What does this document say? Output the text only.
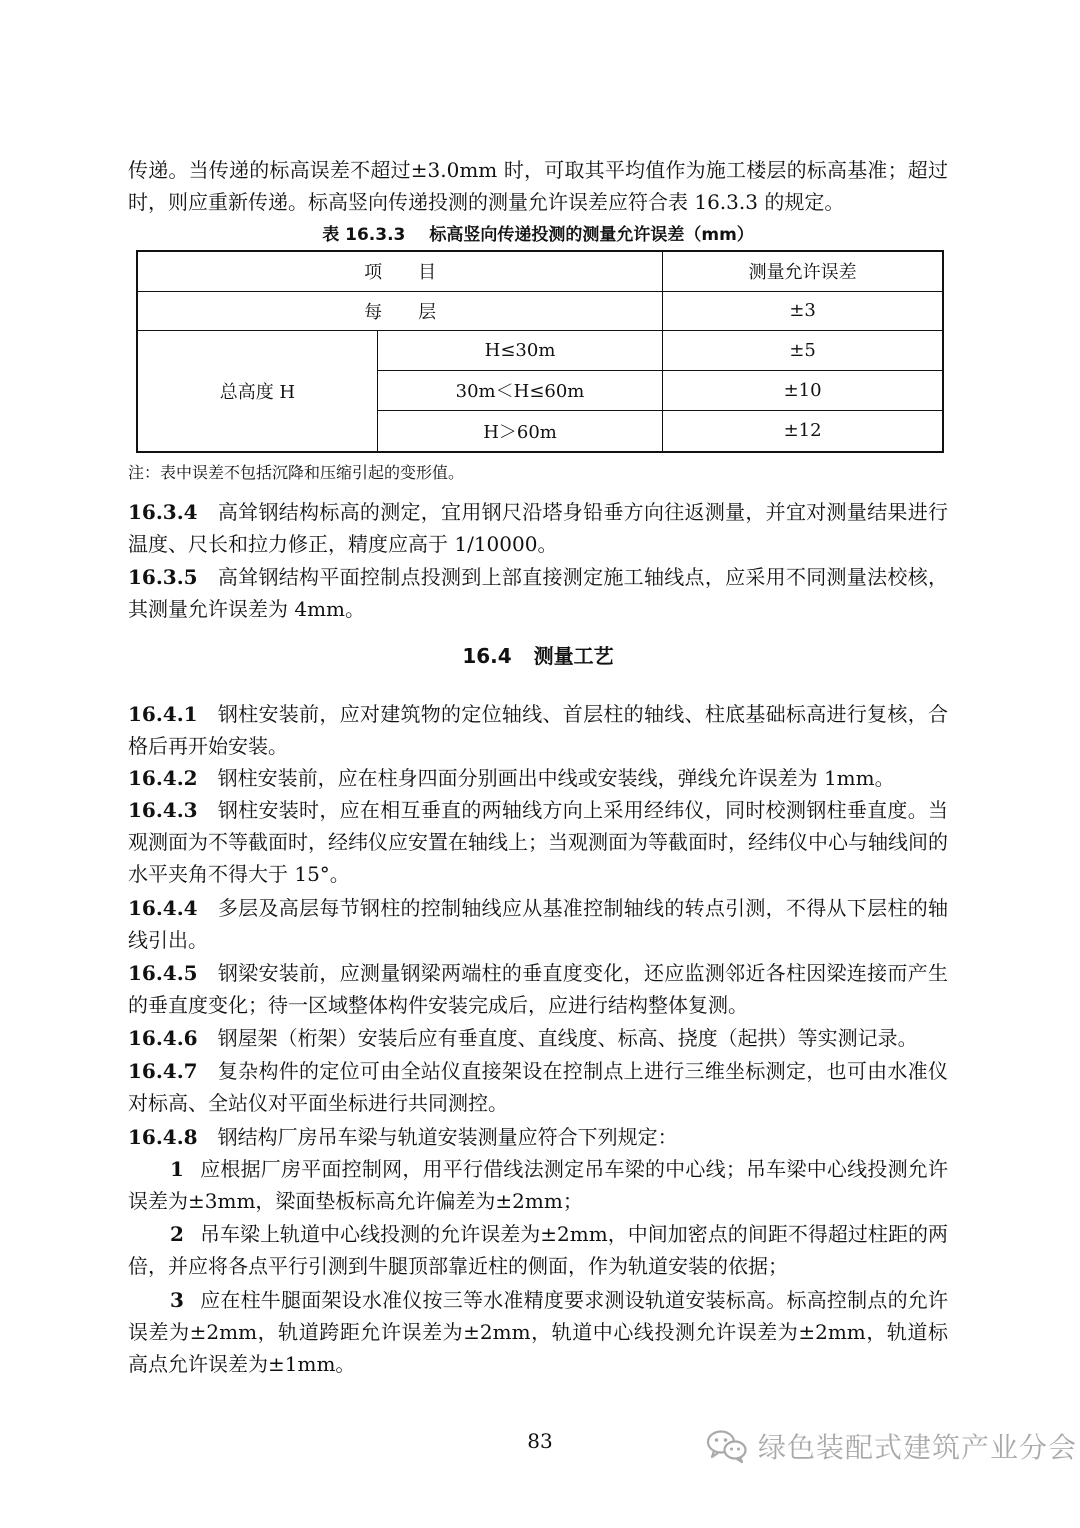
传递。当传递的标高误差不超过±3.0mm 时，可取其平均值作为施工楼层的标高基准；超过时，则应重新传递。标高竖向传递投测的测量允许误差应符合表 16.3.3 的规定。

表 16.3.3 标高竖向传递投测的测量允许误差（mm）
项　　目		测量允许误差
每　　层		±3
总高度 H	H≤30m	±5
	30m＜H≤60m	±10
	H＞60m	±12
注：表中误差不包括沉降和压缩引起的变形值。

16.3.4 高耸钢结构标高的测定，宜用钢尺沿塔身铅垂方向往返测量，并宜对测量结果进行温度、尺长和拉力修正，精度应高于 1/10000。

16.3.5 高耸钢结构平面控制点投测到上部直接测定施工轴线点，应采用不同测量法校核，其测量允许误差为 4mm。

16.4 测量工艺

16.4.1 钢柱安装前，应对建筑物的定位轴线、首层柱的轴线、柱底基础标高进行复核，合格后再开始安装。

16.4.2 钢柱安装前，应在柱身四面分别画出中线或安装线，弹线允许误差为 1mm。

16.4.3 钢柱安装时，应在相互垂直的两轴线方向上采用经纬仪，同时校测钢柱垂直度。当观测面为不等截面时，经纬仪应安置在轴线上；当观测面为等截面时，经纬仪中心与轴线间的水平夹角不得大于 15°。

16.4.4 多层及高层每节钢柱的控制轴线应从基准控制轴线的转点引测，不得从下层柱的轴线引出。

16.4.5 钢梁安装前，应测量钢梁两端柱的垂直度变化，还应监测邻近各柱因梁连接而产生的垂直度变化；待一区域整体构件安装完成后，应进行结构整体复测。

16.4.6 钢屋架（桁架）安装后应有垂直度、直线度、标高、挠度（起拱）等实测记录。

16.4.7 复杂构件的定位可由全站仪直接架设在控制点上进行三维坐标测定，也可由水准仪对标高、全站仪对平面坐标进行共同测控。

16.4.8 钢结构厂房吊车梁与轨道安装测量应符合下列规定：

1 应根据厂房平面控制网，用平行借线法测定吊车梁的中心线；吊车梁中心线投测允许误差为±3mm，梁面垫板标高允许偏差为±2mm；

2 吊车梁上轨道中心线投测的允许误差为±2mm，中间加密点的间距不得超过柱距的两倍，并应将各点平行引测到牛腿顶部靠近柱的侧面，作为轨道安装的依据；

3 应在柱牛腿面架设水准仪按三等水准精度要求测设轨道安装标高。标高控制点的允许误差为±2mm，轨道跨距允许误差为±2mm，轨道中心线投测允许误差为±2mm，轨道标高点允许误差为±1mm。

83	绿色装配式建筑产业分会
